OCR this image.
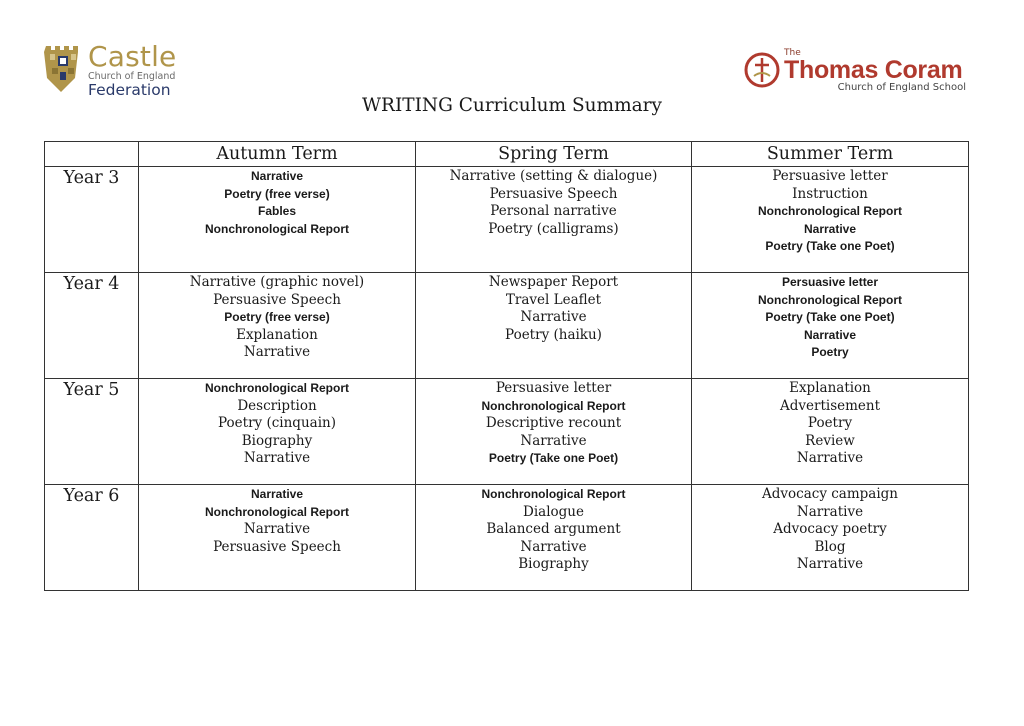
Castle
Church of England
Federation
The
Thomas Coram
Church of England School
WRITING Curriculum Summary
	Autumn Term	Spring Term	Summer Term
Year 3	Narrative
Poetry (free verse)
Fables
Nonchronological Report	Narrative (setting & dialogue)
Persuasive Speech
Personal narrative
Poetry (calligrams)	Persuasive letter
Instruction
Nonchronological Report
Narrative
Poetry (Take one Poet)

Year 4	Narrative (graphic novel)
Persuasive Speech
Poetry (free verse)
Explanation
Narrative	Newspaper Report
Travel Leaflet
Narrative
Poetry (haiku)	Persuasive letter
Nonchronological Report
Poetry (Take one Poet)
Narrative
Poetry

Year 5	Nonchronological Report
Description
Poetry (cinquain)
Biography
Narrative	Persuasive letter
Nonchronological Report
Descriptive recount
Narrative
Poetry (Take one Poet)	Explanation
Advertisement
Poetry
Review
Narrative

Year 6	Narrative
Nonchronological Report
Narrative
Persuasive Speech	Nonchronological Report
Dialogue
Balanced argument
Narrative
Biography	Advocacy campaign
Narrative
Advocacy poetry
Blog
Narrative
